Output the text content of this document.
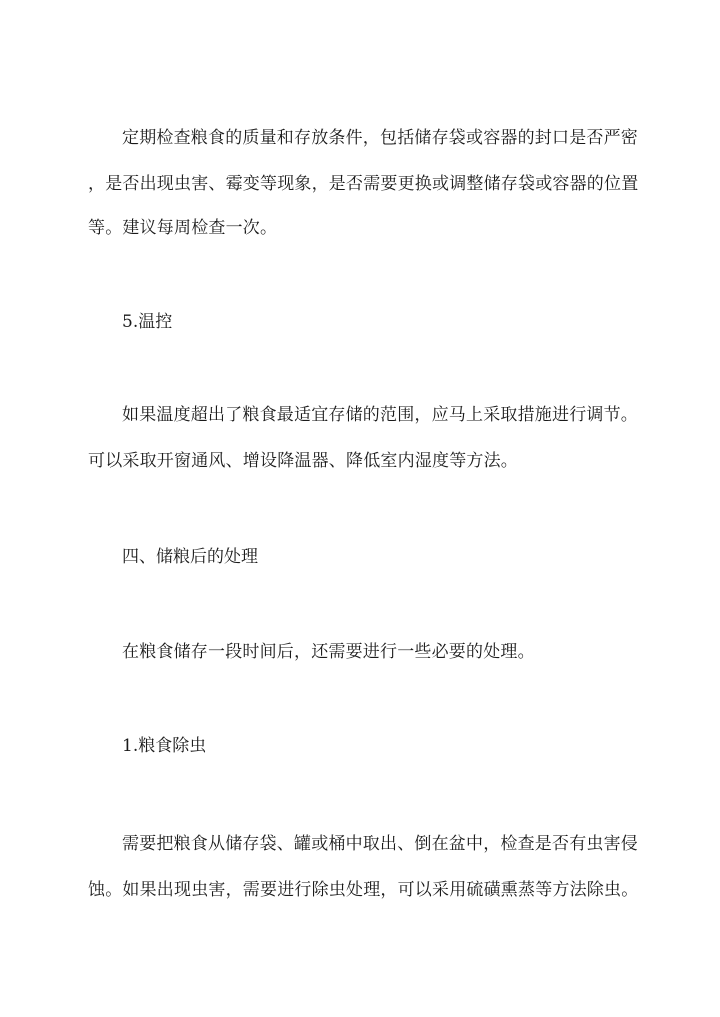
定期检查粮食的质量和存放条件，包括储存袋或容器的封口是否严密
，是否出现虫害、霉变等现象，是否需要更换或调整储存袋或容器的位置
等。建议每周检查一次。
5.温控
如果温度超出了粮食最适宜存储的范围，应马上采取措施进行调节。
可以采取开窗通风、增设降温器、降低室内湿度等方法。
四、储粮后的处理
在粮食储存一段时间后，还需要进行一些必要的处理。
1.粮食除虫
需要把粮食从储存袋、罐或桶中取出、倒在盆中，检查是否有虫害侵
蚀。如果出现虫害，需要进行除虫处理，可以采用硫磺熏蒸等方法除虫。
